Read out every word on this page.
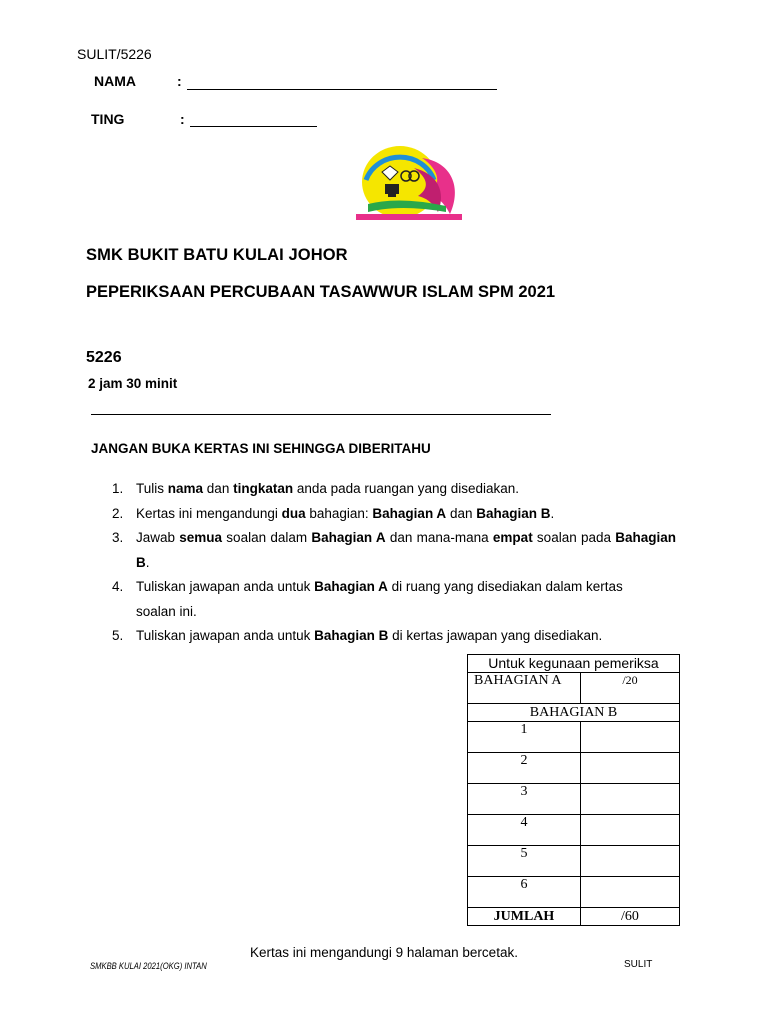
SULIT/5226
NAMA	:
TING	:
SMK BUKIT BATU KULAI JOHOR
PEPERIKSAAN PERCUBAAN TASAWWUR ISLAM SPM 2021
5226
2 jam 30 minit
JANGAN BUKA KERTAS INI SEHINGGA DIBERITAHU
1. Tulis nama dan tingkatan anda pada ruangan yang disediakan.
2. Kertas ini mengandungi dua bahagian: Bahagian A dan Bahagian B.
3. Jawab semua soalan dalam Bahagian A dan mana-mana empat soalan pada Bahagian B.
4. Tuliskan jawapan anda untuk Bahagian A di ruang yang disediakan dalam kertas soalan ini.
5. Tuliskan jawapan anda untuk Bahagian B di kertas jawapan yang disediakan.
Untuk kegunaan pemeriksa	
BAHAGIAN A	/20
BAHAGIAN B	
1	
2	
3	
4	
5	
6	
JUMLAH	/60
Kertas ini mengandungi 9 halaman bercetak.
SMKBB KULAI 2021(OKG) INTAN	SULIT
